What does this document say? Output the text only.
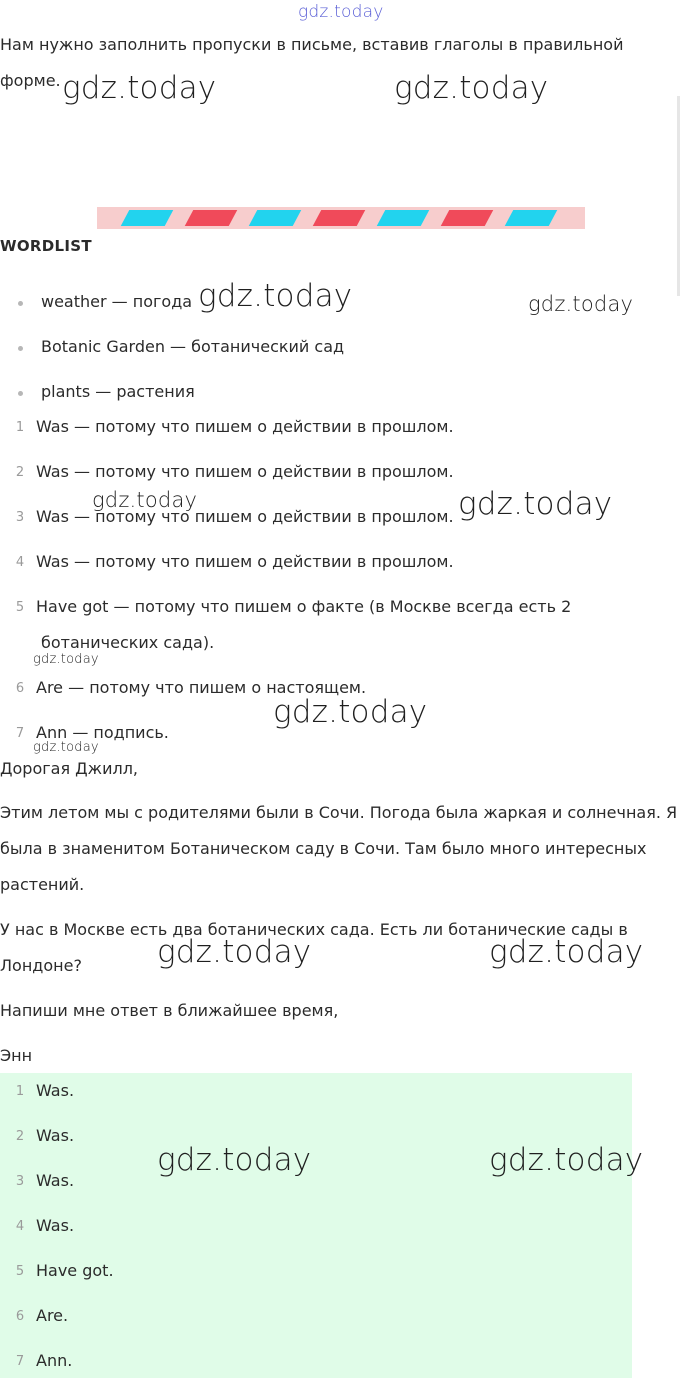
Нам нужно заполнить пропуски в письме, вставив глаголы в правильной
форме.
WORDLIST
weather — погода
Botanic Garden — ботанический сад
plants — растения
1 Was — потому что пишем о действии в прошлом.
2 Was — потому что пишем о действии в прошлом.
3 Was — потому что пишем о действии в прошлом.
4 Was — потому что пишем о действии в прошлом.
5 Have got — потому что пишем о факте (в Москве всегда есть 2
ботанических сада).
6 Are — потому что пишем о настоящем.
7 Ann — подпись.
Дорогая Джилл,
Этим летом мы с родителями были в Сочи. Погода была жаркая и солнечная. Я
была в знаменитом Ботаническом саду в Сочи. Там было много интересных
растений.
У нас в Москве есть два ботанических сада. Есть ли ботанические сады в
Лондоне?
Напиши мне ответ в ближайшее время,
Энн
1 Was.
2 Was.
3 Was.
4 Was.
5 Have got.
6 Are.
7 Ann.
gdz.today
gdz.today	gdz.today
gdz.today	gdz.today
gdz.today	gdz.today
gdz.today
gdz.today
gdz.today
gdz.today	gdz.today
gdz.today	gdz.today
